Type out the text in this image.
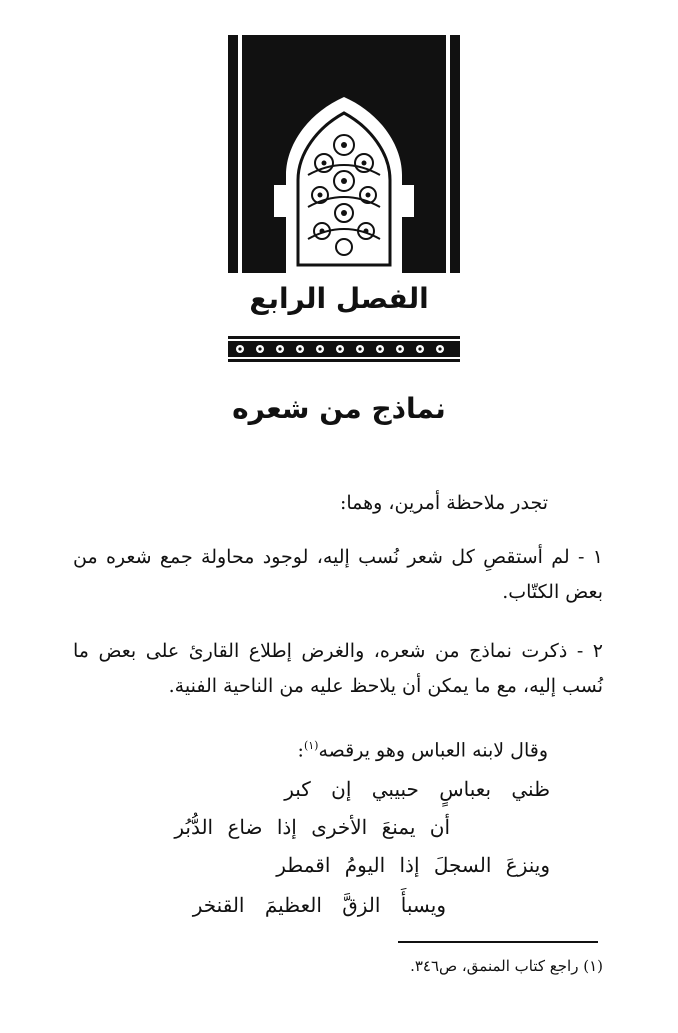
الفصل الرابع
نماذج من شعره
تجدر ملاحظة أمرين، وهما:
١ - لم أستقصِ كل شعر نُسب إليه، لوجود محاولة جمع شعره من بعض الكتّاب.
٢ - ذكرت نماذج من شعره، والغرض إطلاع القارئ على بعض ما نُسب إليه، مع ما يمكن أن يلاحظ عليه من الناحية الفنية.
وقال لابنه العباس وهو يرقصه$^{(١)}$:
ظني بعباسٍ حبيبي إن كبر
أن يمنعَ الأخرى إذا ضاع الدُّبُر
وينزعَ السجلَ إذا اليومُ اقمطر
ويسبأَ الزقَّ العظيمَ القنخر
(١) راجع كتاب المنمق، ص٣٤٦.
